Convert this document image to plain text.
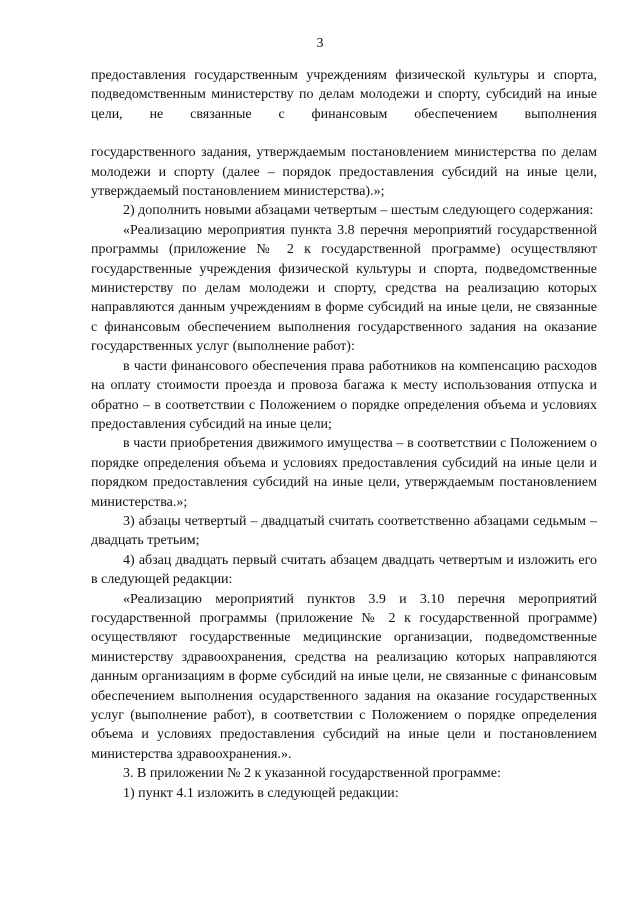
3

предоставления государственным учреждениям физической культуры и спорта, подведомственным министерству по делам молодежи и спорту, субсидий на иные цели, не связанные с финансовым обеспечением выполнения

государственного задания, утверждаемым постановлением министерства по делам молодежи и спорту (далее – порядок предоставления субсидий на иные цели, утверждаемый постановлением министерства).»;

2) дополнить новыми абзацами четвертым – шестым следующего содержания:

«Реализацию мероприятия пункта 3.8 перечня мероприятий государственной программы (приложение № 2 к государственной программе) осуществляют государственные учреждения физической культуры и спорта, подведомственные министерству по делам молодежи и спорту, средства на реализацию которых направляются данным учреждениям в форме субсидий на иные цели, не связанные с финансовым обеспечением выполнения государственного задания на оказание государственных услуг (выполнение работ):

в части финансового обеспечения права работников на компенсацию расходов на оплату стоимости проезда и провоза багажа к месту использования отпуска и обратно – в соответствии с Положением о порядке определения объема и условиях предоставления субсидий на иные цели;

в части приобретения движимого имущества – в соответствии с Положением о порядке определения объема и условиях предоставления субсидий на иные цели и порядком предоставления субсидий на иные цели, утверждаемым постановлением министерства.»;

3) абзацы четвертый – двадцатый считать соответственно абзацами седьмым – двадцать третьим;

4) абзац двадцать первый считать абзацем двадцать четвертым и изложить его в следующей редакции:

«Реализацию мероприятий пунктов 3.9 и 3.10 перечня мероприятий государственной программы (приложение № 2 к государственной программе) осуществляют государственные медицинские организации, подведомственные министерству здравоохранения, средства на реализацию которых направляются данным организациям в форме субсидий на иные цели, не связанные с финансовым обеспечением выполнения осударственного задания на оказание государственных услуг (выполнение работ), в соответствии с Положением о порядке определения объема и условиях предоставления субсидий на иные цели и постановлением министерства здравоохранения.».

3. В приложении № 2 к указанной государственной программе:

1) пункт 4.1 изложить в следующей редакции:
